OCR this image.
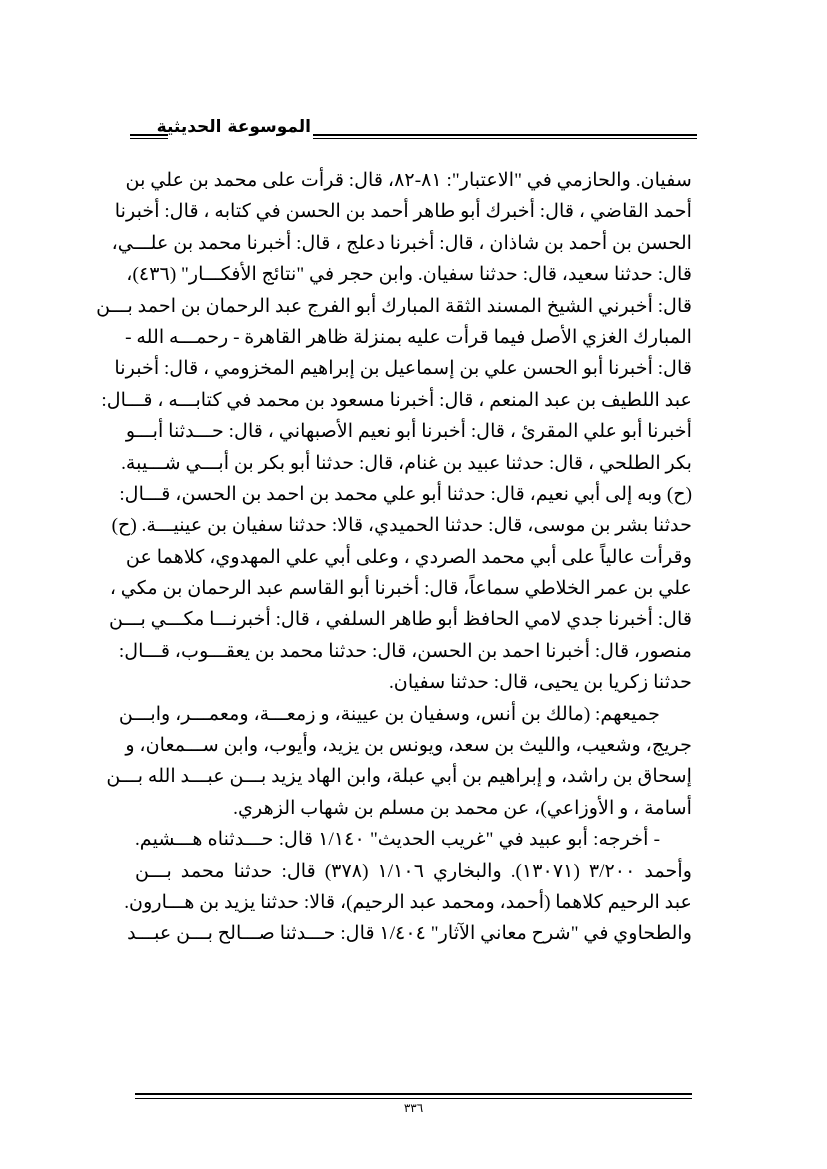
الموسوعة الحديثية
سفيان. والحازمي في "الاعتبار": ٨١-٨٢، قال: قرأت على محمد بن علي بن
أحمد القاضي ، قال: أخبرك أبو طاهر أحمد بن الحسن في كتابه ، قال: أخبرنا
الحسن بن أحمد بن شاذان ، قال: أخبرنا دعلج ، قال: أخبرنا محمد بن علـــي،
قال: حدثنا سعيد، قال: حدثنا سفيان. وابن حجر في "نتائج الأفكـــار" (٤٣٦)،
قال: أخبرني الشيخ المسند الثقة المبارك أبو الفرج عبد الرحمان بن احمد بـــن
المبارك الغزي الأصل فيما قرأت عليه بمنزلة ظاهر القاهرة - رحمـــه الله -
قال: أخبرنا أبو الحسن علي بن إسماعيل بن إبراهيم المخزومي ، قال: أخبرنا
عبد اللطيف بن عبد المنعم ، قال: أخبرنا مسعود بن محمد في كتابـــه ، قـــال:
أخبرنا أبو علي المقرئ ، قال: أخبرنا أبو نعيم الأصبهاني ، قال: حـــدثنا أبـــو
بكر الطلحي ، قال: حدثنا عبيد بن غنام، قال: حدثنا أبو بكر بن أبـــي شـــيبة.
(ح) وبه إلى أبي نعيم، قال: حدثنا أبو علي محمد بن احمد بن الحسن، قـــال:
حدثنا بشر بن موسى، قال: حدثنا الحميدي، قالا: حدثنا سفيان بن عينيـــة. (ح)
وقرأت عالياً على أبي محمد الصردي ، وعلى أبي علي المهدوي، كلاهما عن
علي بن عمر الخلاطي سماعاً، قال: أخبرنا أبو القاسم عبد الرحمان بن مكي ،
قال: أخبرنا جدي لامي الحافظ أبو طاهر السلفي ، قال: أخبرنـــا مكـــي بـــن
منصور، قال: أخبرنا احمد بن الحسن، قال: حدثنا محمد بن يعقـــوب، قـــال:
حدثنا زكريا بن يحيى، قال: حدثنا سفيان.
جميعهم: (مالك بن أنس، وسفيان بن عيينة، و زمعـــة، ومعمـــر، وابـــن
جريج، وشعيب، والليث بن سعد، ويونس بن يزيد، وأيوب، وابن ســـمعان، و
إسحاق بن راشد، و إبراهيم بن أبي عبلة، وابن الهاد يزيد بـــن عبـــد الله بـــن
أسامة ، و الأوزاعي)، عن محمد بن مسلم بن شهاب الزهري.
- أخرجه: أبو عبيد في "غريب الحديث" ١/١٤٠ قال: حـــدثناه هـــشيم.
وأحمد ٣/٢٠٠ (١٣٠٧١). والبخاري ١/١٠٦ (٣٧٨) قال: حدثنا محمد بـــن
عبد الرحيم كلاهما (أحمد، ومحمد عبد الرحيم)، قالا: حدثنا يزيد بن هـــارون.
والطحاوي في "شرح معاني الآثار" ١/٤٠٤ قال: حـــدثنا صـــالح بـــن عبـــد
٣٣٦
